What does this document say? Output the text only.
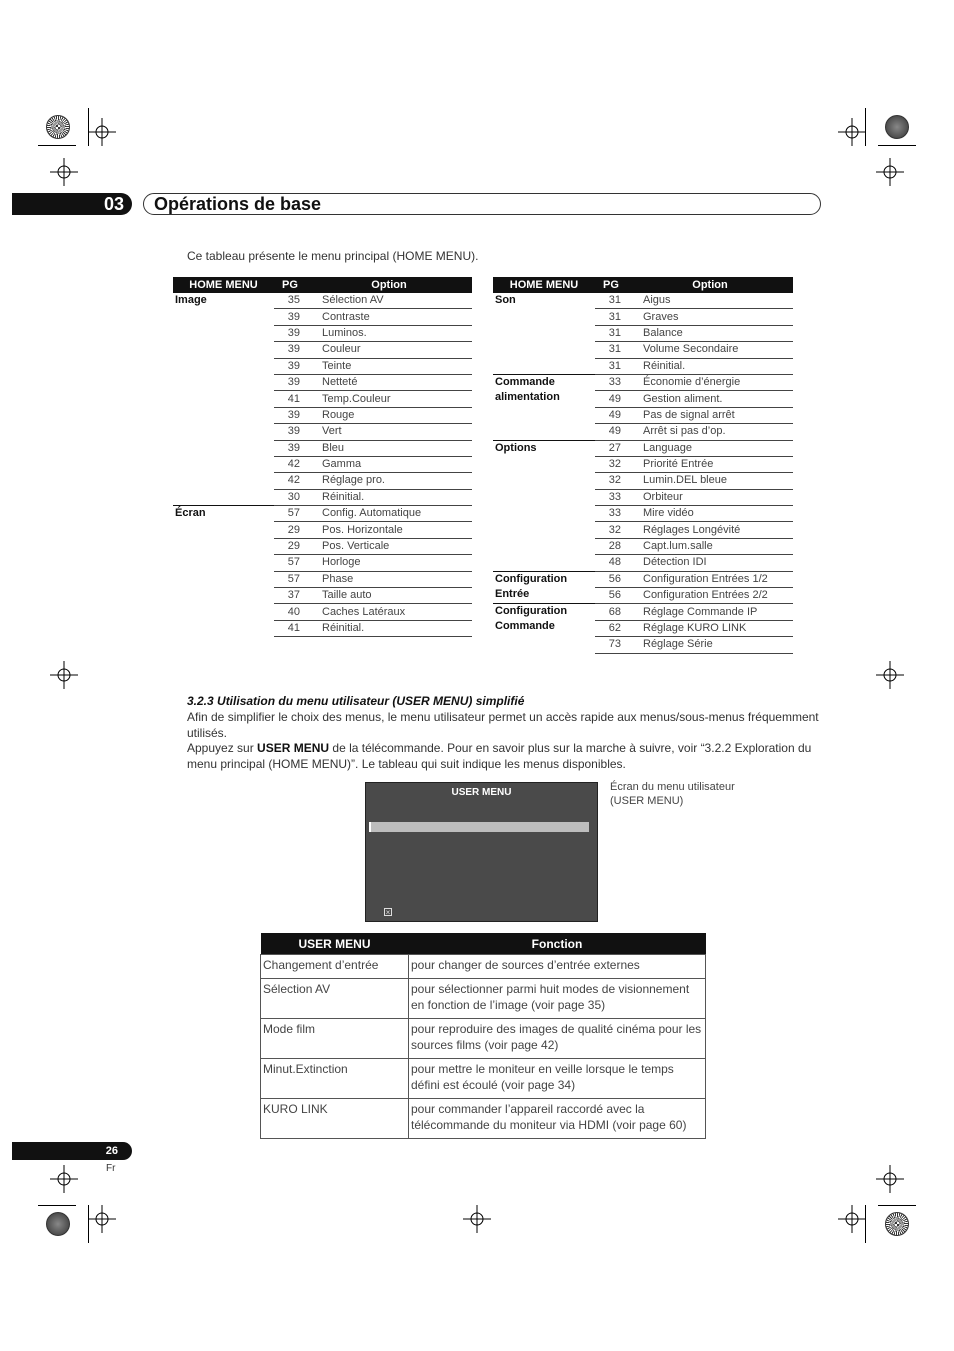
03	Opérations de base
Ce tableau présente le menu principal (HOME MENU).
HOME MENU	PG	Option
Image	35	Sélection AV
	39	Contraste
	39	Luminos.
	39	Couleur
	39	Teinte
	39	Netteté
	41	Temp.Couleur
	39	Rouge
	39	Vert
	39	Bleu
	42	Gamma
	42	Réglage pro.
	30	Réinitial.
Écran	57	Config. Automatique
	29	Pos. Horizontale
	29	Pos. Verticale
	57	Horloge
	57	Phase
	37	Taille auto
	40	Caches Latéraux
	41	Réinitial.
HOME MENU	PG	Option
Son	31	Aigus
	31	Graves
	31	Balance
	31	Volume Secondaire
	31	Réinitial.
Commande alimentation	33	Économie d’énergie
	49	Gestion aliment.
	49	Pas de signal arrêt
	49	Arrêt si pas d’op.
Options	27	Language
	32	Priorité Entrée
	32	Lumin.DEL bleue
	33	Orbiteur
	33	Mire vidéo
	32	Réglages Longévité
	28	Capt.lum.salle
	48	Détection IDI
Configuration Entrée	56	Configuration Entrées 1/2
	56	Configuration Entrées 2/2
Configuration Commande	68	Réglage Commande IP
	62	Réglage KURO LINK
	73	Réglage Série
3.2.3 Utilisation du menu utilisateur (USER MENU) simplifié
Afin de simplifier le choix des menus, le menu utilisateur permet un accès rapide aux menus/sous-menus fréquemment utilisés.
Appuyez sur USER MENU de la télécommande. Pour en savoir plus sur la marche à suivre, voir “3.2.2 Exploration du menu principal (HOME MENU)”. Le tableau qui suit indique les menus disponibles.
USER MENU
×
Écran du menu utilisateur
(USER MENU)
USER MENU	Fonction
Changement d’entrée	pour changer de sources d’entrée externes
Sélection AV	pour sélectionner parmi huit modes de visionnement en fonction de l’image (voir page 35)
Mode film	pour reproduire des images de qualité cinéma pour les sources films (voir page 42)
Minut.Extinction	pour mettre le moniteur en veille lorsque le temps défini est écoulé (voir page 34)
KURO LINK	pour commander l’appareil raccordé avec la télécommande du moniteur via HDMI (voir page 60)
26
Fr
